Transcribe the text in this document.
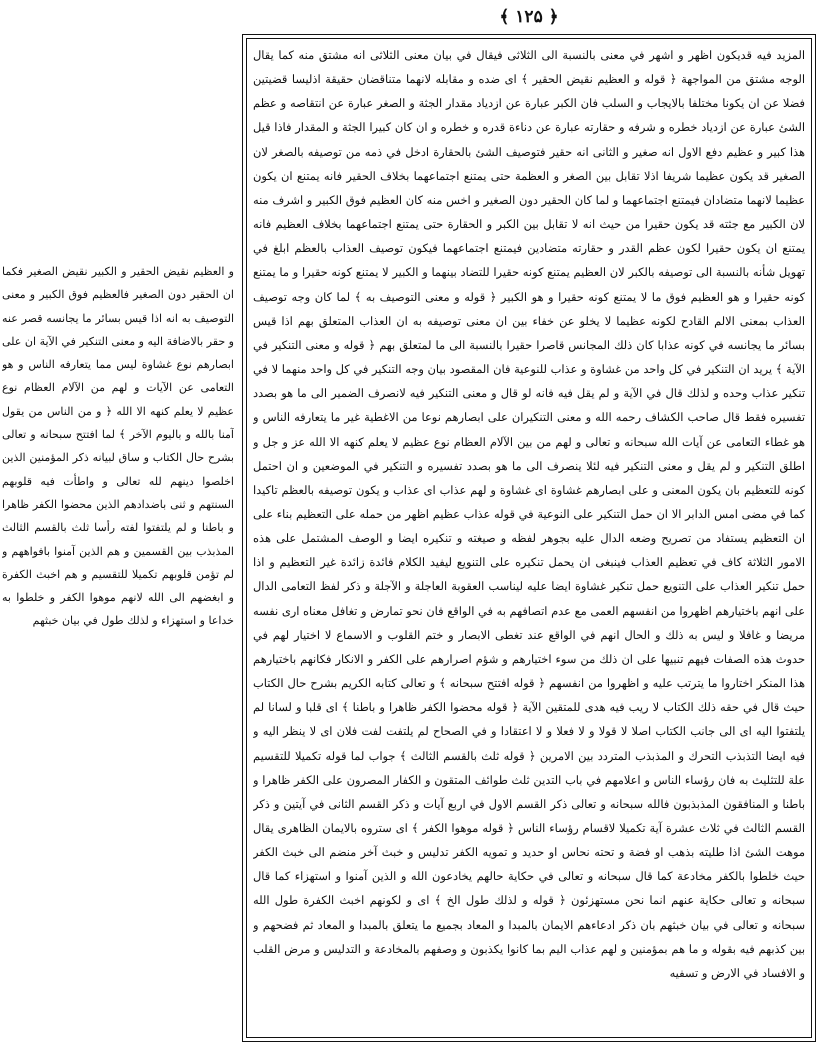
﴾ ۱۲۵ ﴿

المزيد فيه قديكون اظهر و اشهر في معنى بالنسبة الى الثلاثى فيقال في بيان معنى الثلاثى انه مشتق منه كما يقال الوجه مشتق من المواجهة ﴿ قوله و العظيم نقيض الحقير ﴾ اى ضده و مقابله لانهما متناقضان حقيقة اذليسا قضيتين فضلا عن ان يكونا مختلفا بالايجاب و السلب فان الكبر عبارة عن ازدياد مقدار الجثة و الصغر عبارة عن انتقاصه و عظم الشئ عبارة عن ازدياد خطره و شرفه و حقارته عبارة عن دناءة قدره و خطره و ان كان كبيرا الجثة و المقدار فاذا قيل هذا كبير و عظيم دفع الاول انه صغير و الثانى انه حقير فتوصيف الشئ بالحقارة ادخل في ذمه من توصيفه بالصغر لان الصغير قد يكون عظيما شريفا اذلا تقابل بين الصغر و العظمة حتى يمتنع اجتماعهما بخلاف الحقير فانه يمتنع ان يكون عظيما لانهما متضادان فيمتنع اجتماعهما و لما كان الحقير دون الصغير و اخس منه كان العظيم فوق الكبير و اشرف منه لان الكبير مع جثته قد يكون حقيرا من حيث انه لا تقابل بين الكبر و الحقارة حتى يمتنع اجتماعهما بخلاف العظيم فانه يمتنع ان يكون حقيرا لكون عظم القدر و حقارته متضادين فيمتنع اجتماعهما فيكون توصيف العذاب بالعظم ابلغ في تهويل شأنه بالنسبة الى توصيفه بالكبر لان العظيم يمتنع كونه حقيرا للتضاد بينهما و الكبير لا يمتنع كونه حقيرا و ما يمتنع كونه حقيرا و هو العظيم فوق ما لا يمتنع كونه حقيرا و هو الكبير ﴿ قوله و معنى التوصيف به ﴾ لما كان وجه توصيف العذاب بمعنى الالم القادح لكونه عظيما لا يخلو عن خفاء بين ان معنى توصيفه به ان العذاب المتعلق بهم اذا قيس بسائر ما يجانسه في كونه عذابا كان ذلك المجانس قاصرا حقيرا بالنسبة الى ما لمتعلق بهم ﴿ قوله و معنى التنكير في الآية ﴾ يريد ان التنكير في كل واحد من غشاوة و عذاب للنوعية فان المقصود بيان وجه التنكير في كل واحد منهما لا في تنكير عذاب وحده و لذلك قال في الآية و لم يقل فيه فانه لو قال و معنى التنكير فيه لانصرف الضمير الى ما هو بصدد تفسيره فقط قال صاحب الكشاف رحمه الله و معنى التنكيران على ابصارهم نوعا من الاغطية غير ما يتعارفه الناس و هو غطاء التعامى عن آيات الله سبحانه و تعالى و لهم من بين الآلام العظام نوع عظيم لا يعلم كنهه الا الله عز و جل و اطلق التنكير و لم يقل و معنى التنكير فيه لئلا ينصرف الى ما هو بصدد تفسيره و التنكير في الموضعين و ان احتمل كونه للتعظيم بان يكون المعنى و على ابصارهم غشاوة اى غشاوة و لهم عذاب اى عذاب و يكون توصيفه بالعظم تاكيدا كما في مضى امس الدابر الا ان حمل التنكير على النوعية في قوله عذاب عظيم اظهر من حمله على التعظيم بناء على ان التعظيم يستفاد من تصريح وضعه الدال عليه بجوهر لفظه و صيغته و تنكيره ايضا و الوصف المشتمل على هذه الامور الثلاثة كاف في تعظيم العذاب فينبغى ان يحمل تنكيره على التنويع ليفيد الكلام فائدة زائدة غير التعظيم و اذا حمل تنكير العذاب على التنويع حمل تنكير غشاوة ايضا عليه ليناسب العقوبة العاجلة و الآجلة و ذكر لفظ التعامى الدال على انهم باختيارهم اظهروا من انفسهم العمى مع عدم اتصافهم به في الواقع فان نحو تمارض و تغافل معناه ارى نفسه مريضا و غافلا و ليس به ذلك و الحال انهم في الواقع عند تغطى الابصار و ختم القلوب و الاسماع لا اختيار لهم في حدوث هذه الصفات فيهم تنبيها على ان ذلك من سوء اختيارهم و شؤم اصرارهم على الكفر و الانكار فكانهم باختيارهم هذا المنكر اختاروا ما يترتب عليه و اظهروا من انفسهم ﴿ قوله افتتح سبحانه ﴾ و تعالى كتابه الكريم بشرح حال الكتاب حيث قال في حقه ذلك الكتاب لا ريب فيه هدى للمتقين الآية ﴿ قوله محضوا الكفر ظاهرا و باطنا ﴾ اى قلبا و لسانا لم يلتفتوا اليه اى الى جانب الكتاب اصلا لا قولا و لا فعلا و لا اعتقادا و في الصحاح لم يلتفت لفت فلان اى لا ينظر اليه و فيه ايضا التذبذب التحرك و المذبذب المتردد بين الامرين ﴿ قوله ثلث بالقسم الثالث ﴾ جواب لما قوله تكميلا للتقسيم علة للتثليث به فان رؤساء الناس و اعلامهم في باب التدين ثلث طوائف المتقون و الكفار المصرون على الكفر ظاهرا و باطنا و المنافقون المذبذبون فالله سبحانه و تعالى ذكر القسم الاول في اربع آيات و ذكر القسم الثانى في آيتين و ذكر القسم الثالث في ثلاث عشرة آية تكميلا لاقسام رؤساء الناس ﴿ قوله موهوا الكفر ﴾ اى ستروه بالايمان الظاهرى يقال موهت الشئ اذا طليته بذهب او فضة و تحته نحاس او حديد و تمويه الكفر تدليس و خبث آخر منضم الى خبث الكفر حيث خلطوا بالكفر مخادعة كما قال سبحانه و تعالى في حكاية حالهم يخادعون الله و الذين آمنوا و استهزاء كما قال سبحانه و تعالى حكاية عنهم انما نحن مستهزئون ﴿ قوله و لذلك طول الخ ﴾ اى و لكونهم اخبث الكفرة طول الله سبحانه و تعالى في بيان خبثهم بان ذكر ادعاءهم الايمان بالمبدا و المعاد بجميع ما يتعلق بالمبدا و المعاد ثم فضحهم و بين كذبهم فيه بقوله و ما هم بمؤمنين و لهم عذاب اليم بما كانوا يكذبون و وصفهم بالمخادعة و التدليس و مرض القلب و الافساد في الارض و تسفيه

و العظيم نقيض الحقير و الكبير نقيض الصغير فكما ان الحقير دون الصغير فالعظيم فوق الكبير و معنى التوصيف به انه اذا قيس بسائر ما يجانسه قصر عنه و حقر بالاضافة اليه و معنى التنكير في الآية ان على ابصارهم نوع غشاوة ليس مما يتعارفه الناس و هو التعامى عن الآيات و لهم من الآلام العظام نوع عظيم لا يعلم كنهه الا الله ﴿ و من الناس من يقول آمنا بالله و باليوم الآخر ﴾ لما افتتح سبحانه و تعالى بشرح حال الكتاب و ساق لبيانه ذكر المؤمنين الذين اخلصوا دينهم لله تعالى و واطأت فيه قلوبهم السنتهم و ثنى باضدادهم الذين محضوا الكفر ظاهرا و باطنا و لم يلتفتوا لفته رأسا ثلث بالقسم الثالث المذبذب بين القسمين و هم الذين آمنوا بافواههم و لم تؤمن قلوبهم تكميلا للتقسيم و هم اخبث الكفرة و ابغضهم الى الله لانهم موهوا الكفر و خلطوا به خداعا و استهزاء و لذلك طول في بيان خبثهم
